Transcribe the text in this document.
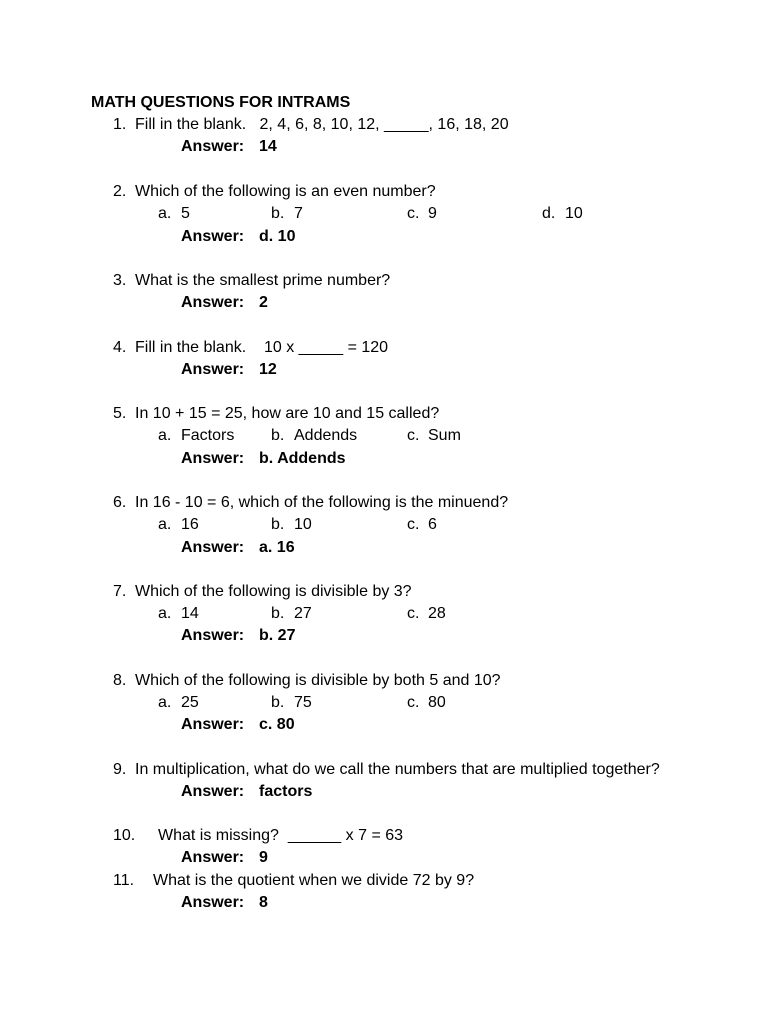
MATH QUESTIONS FOR INTRAMS
1. Fill in the blank.   2, 4, 6, 8, 10, 12, _____, 16, 18, 20
Answer: 14
2. Which of the following is an even number?
a. 5	b. 7	c. 9	d. 10
Answer: d. 10
3. What is the smallest prime number?
Answer: 2
4. Fill in the blank.    10 x _____ = 120
Answer: 12
5. In 10 + 15 = 25, how are 10 and 15 called?
a. Factors b. Addends	c. Sum
Answer: b. Addends
6. In 16 - 10 = 6, which of the following is the minuend?
a. 16	b. 10	c. 6
Answer: a. 16
7. Which of the following is divisible by 3?
a. 14	b. 27	c. 28
Answer: b. 27
8. Which of the following is divisible by both 5 and 10?
a. 25	b. 75	c. 80
Answer: c. 80
9. In multiplication, what do we call the numbers that are multiplied together?
Answer: factors
10. What is missing?  ______ x 7 = 63
Answer: 9
11. What is the quotient when we divide 72 by 9?
Answer: 8
